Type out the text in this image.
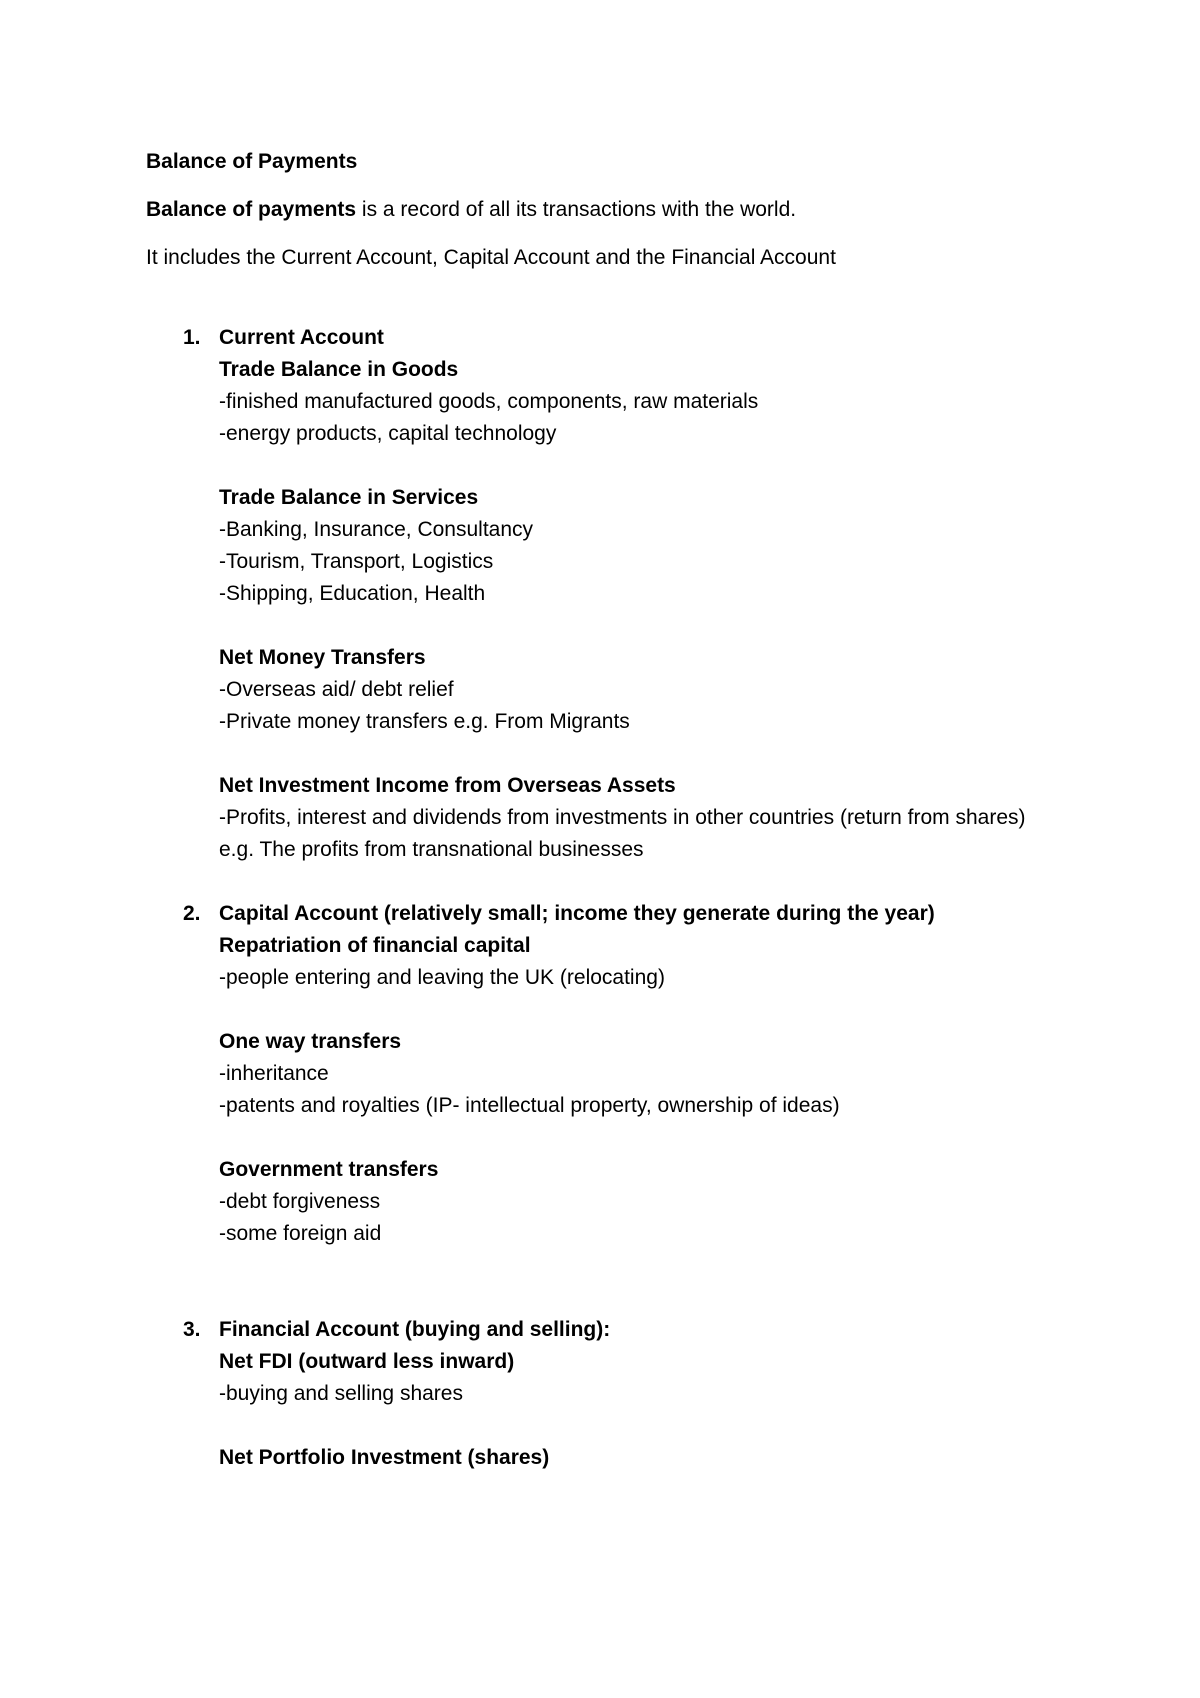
Balance of Payments

Balance of payments is a record of all its transactions with the world.

It includes the Current Account, Capital Account and the Financial Account

1. Current Account
Trade Balance in Goods
-finished manufactured goods, components, raw materials
-energy products, capital technology
Trade Balance in Services
-Banking, Insurance, Consultancy
-Tourism, Transport, Logistics
-Shipping, Education, Health
Net Money Transfers
-Overseas aid/ debt relief
-Private money transfers e.g. From Migrants
Net Investment Income from Overseas Assets
-Profits, interest and dividends from investments in other countries (return from shares)
e.g. The profits from transnational businesses
2. Capital Account (relatively small; income they generate during the year)
Repatriation of financial capital
-people entering and leaving the UK (relocating)
One way transfers
-inheritance
-patents and royalties (IP- intellectual property, ownership of ideas)
Government transfers
-debt forgiveness
-some foreign aid
3. Financial Account (buying and selling):
Net FDI (outward less inward)
-buying and selling shares
Net Portfolio Investment (shares)
